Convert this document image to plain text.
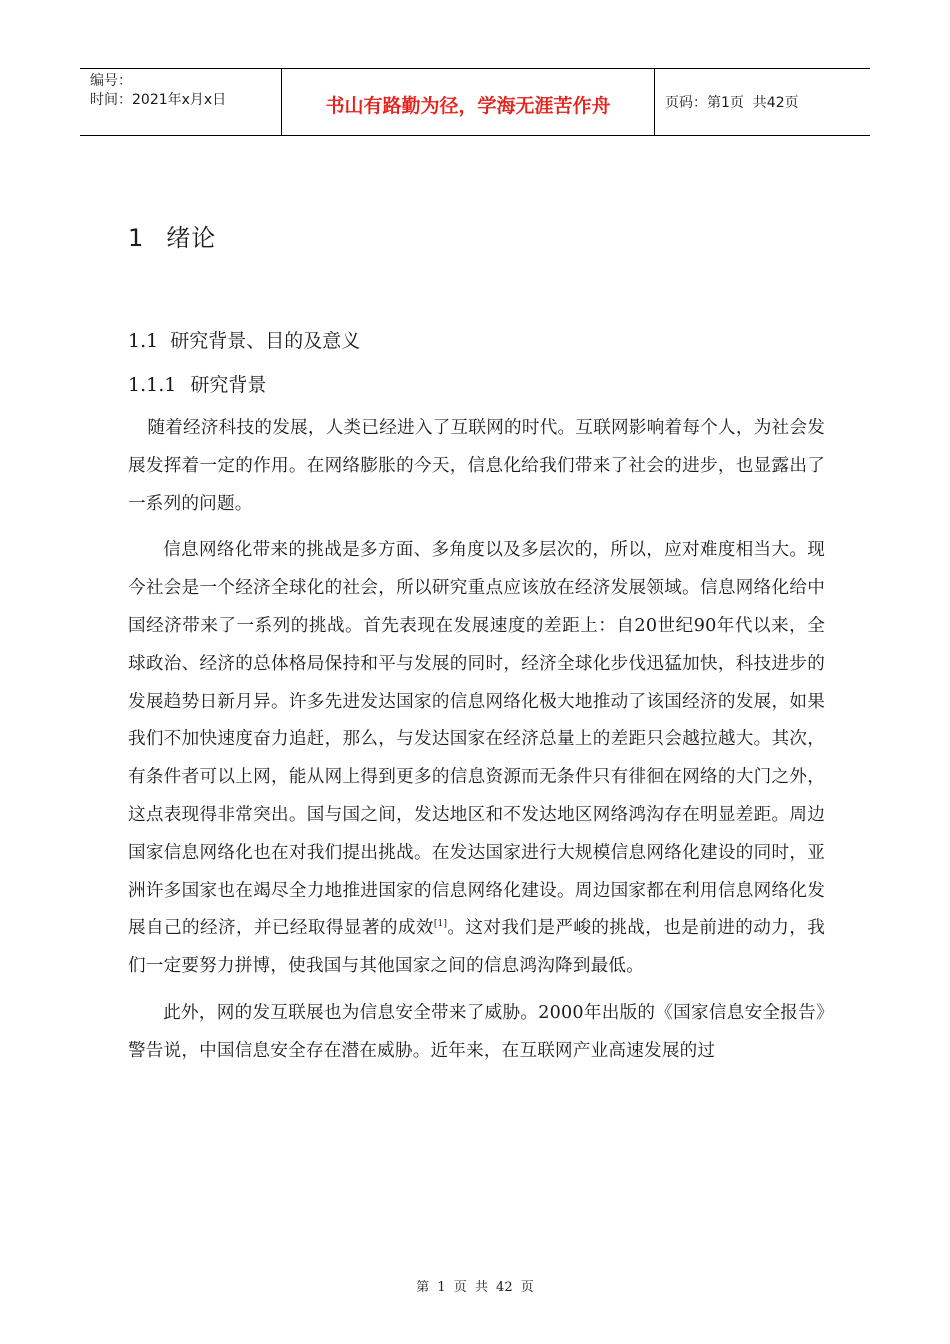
编号：
时间：2021年x月x日	书山有路勤为径，学海无涯苦作舟	页码：第1页  共42页
1 绪论
1.1 研究背景、目的及意义
1.1.1 研究背景

随着经济科技的发展，人类已经进入了互联网的时代。互联网影响着每个人，为社会发展发挥着一定的作用。在网络膨胀的今天，信息化给我们带来了社会的进步，也显露出了一系列的问题。

信息网络化带来的挑战是多方面、多角度以及多层次的，所以，应对难度相当大。现今社会是一个经济全球化的社会，所以研究重点应该放在经济发展领域。信息网络化给中国经济带来了一系列的挑战。首先表现在发展速度的差距上：自20世纪90年代以来，全球政治、经济的总体格局保持和平与发展的同时，经济全球化步伐迅猛加快，科技进步的发展趋势日新月异。许多先进发达国家的信息网络化极大地推动了该国经济的发展，如果我们不加快速度奋力追赶，那么，与发达国家在经济总量上的差距只会越拉越大。其次，有条件者可以上网，能从网上得到更多的信息资源而无条件只有徘徊在网络的大门之外，这点表现得非常突出。国与国之间，发达地区和不发达地区网络鸿沟存在明显差距。周边国家信息网络化也在对我们提出挑战。在发达国家进行大规模信息网络化建设的同时，亚洲许多国家也在竭尽全力地推进国家的信息网络化建设。周边国家都在利用信息网络化发展自己的经济，并已经取得显著的成效[1]。这对我们是严峻的挑战，也是前进的动力，我们一定要努力拼博，使我国与其他国家之间的信息鸿沟降到最低。

此外，网的发互联展也为信息安全带来了威胁。2000年出版的《国家信息安全报告》警告说，中国信息安全存在潜在威胁。近年来，在互联网产业高速发展的过

第 1 页 共 42 页
